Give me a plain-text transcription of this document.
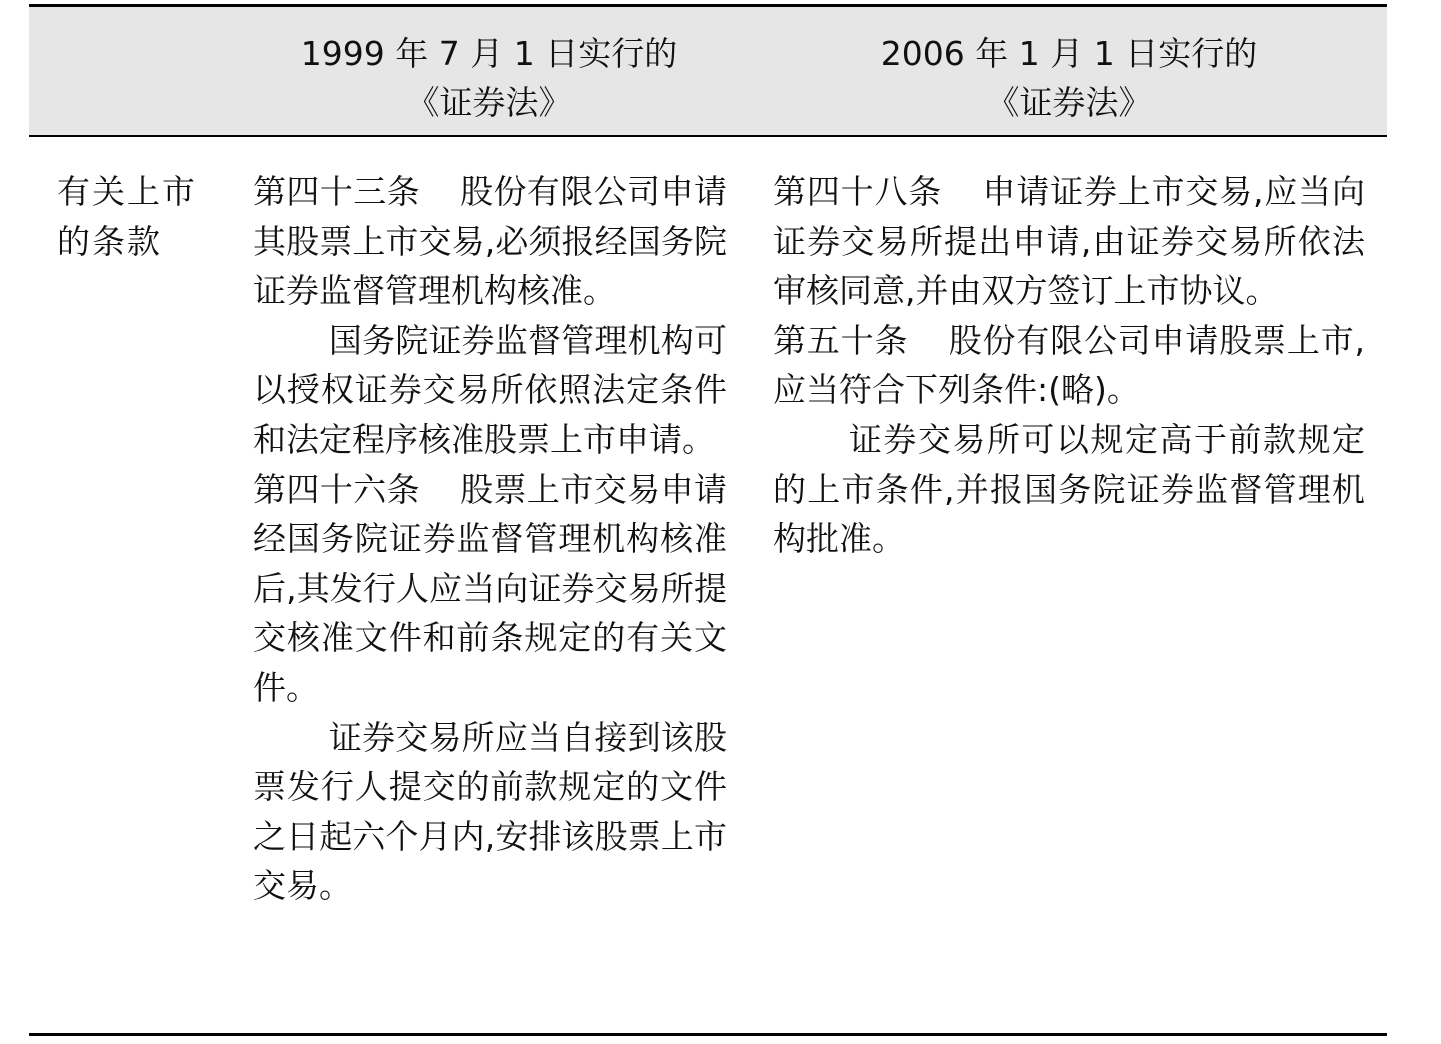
1999 年 7 月 1 日实行的
《证券法》
2006 年 1 月 1 日实行的
《证券法》
有关上市
的条款

第四十三条 股份有限公司申请其股票上市交易,必须报经国务院证券监督管理机构核准。

国务院证券监督管理机构可以授权证券交易所依照法定条件和法定程序核准股票上市申请。

第四十六条 股票上市交易申请经国务院证券监督管理机构核准后,其发行人应当向证券交易所提交核准文件和前条规定的有关文件。

证券交易所应当自接到该股票发行人提交的前款规定的文件之日起六个月内,安排该股票上市交易。

第四十八条 申请证券上市交易,应当向证券交易所提出申请,由证券交易所依法审核同意,并由双方签订上市协议。

第五十条 股份有限公司申请股票上市,应当符合下列条件:(略)。

证券交易所可以规定高于前款规定的上市条件,并报国务院证券监督管理机构批准。
